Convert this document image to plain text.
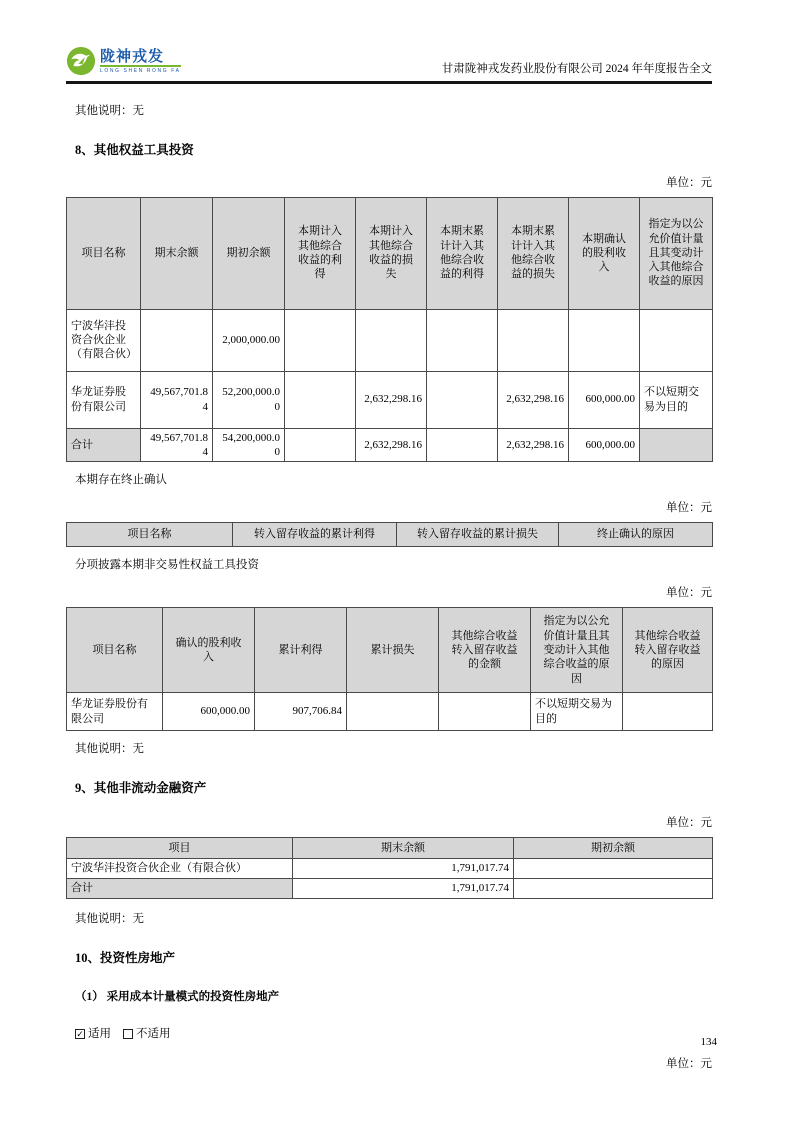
陇神戎发
LONG SHEN RONG FA	甘肃陇神戎发药业股份有限公司 2024 年年度报告全文

其他说明：无

8、其他权益工具投资
单位：元
项目名称	期末余额	期初余额	本期计入其他综合收益的利得	本期计入其他综合收益的损失	本期末累计计入其他综合收益的利得	本期末累计计入其他综合收益的损失	本期确认的股利收入	指定为以公允价值计量且其变动计入其他综合收益的原因
宁波华沣投资合伙企业（有限合伙）		2,000,000.00						
华龙证券股份有限公司	49,567,701.84	52,200,000.00		2,632,298.16		2,632,298.16	600,000.00	不以短期交易为目的
合计	49,567,701.84	54,200,000.00		2,632,298.16		2,632,298.16	600,000.00	

本期存在终止确认

单位：元
项目名称	转入留存收益的累计利得	转入留存收益的累计损失	终止确认的原因

分项披露本期非交易性权益工具投资

单位：元
项目名称	确认的股利收入	累计利得	累计损失	其他综合收益转入留存收益的金额	指定为以公允价值计量且其变动计入其他综合收益的原因	其他综合收益转入留存收益的原因
华龙证券股份有限公司	600,000.00	907,706.84			不以短期交易为目的	

其他说明：无

9、其他非流动金融资产
单位：元
项目	期末余额	期初余额
宁波华沣投资合伙企业（有限合伙）	1,791,017.74	
合计	1,791,017.74	

其他说明：无

10、投资性房地产
（1） 采用成本计量模式的投资性房地产
✓ 适用 不适用
单位：元
134
